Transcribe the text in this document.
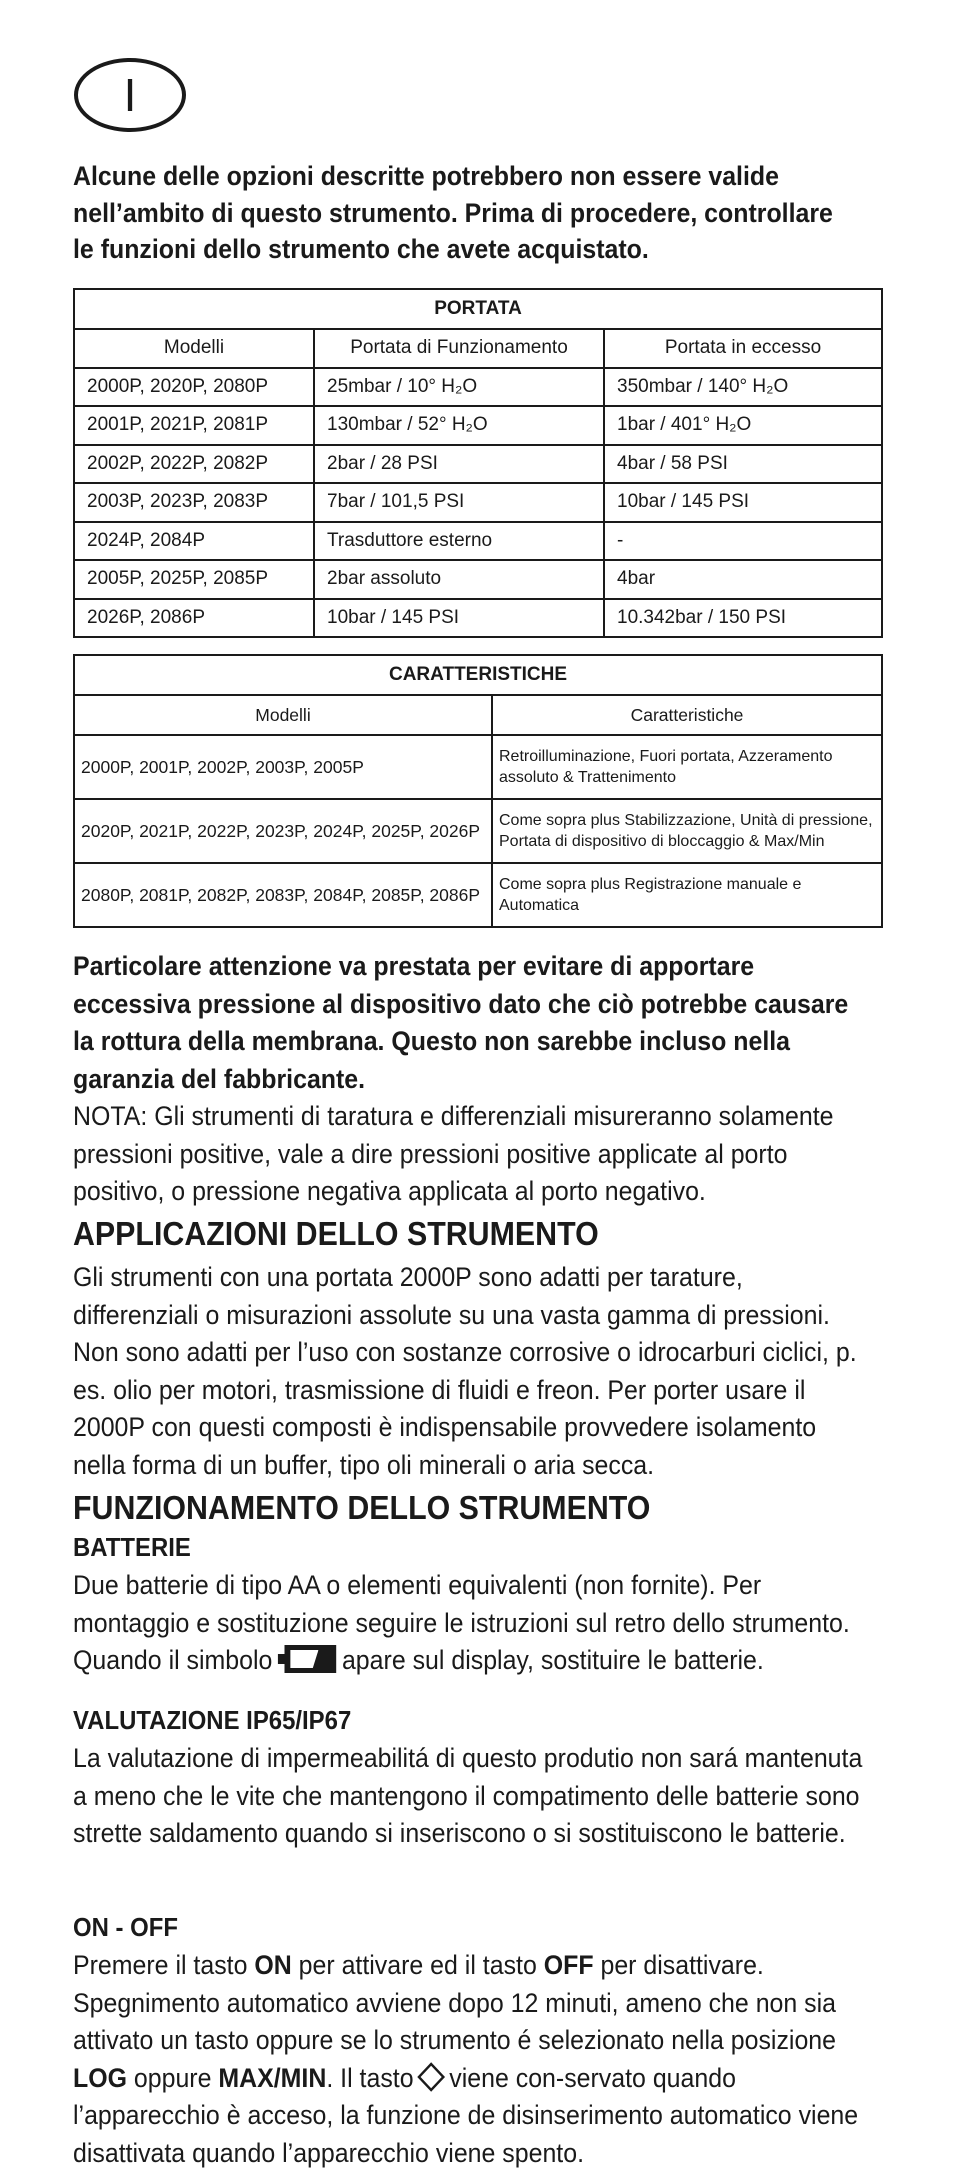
I

Alcune delle opzioni descritte potrebbero non essere valide nell’ambito di questo strumento. Prima di procedere, controllare le funzioni dello strumento che avete acquistato.

PORTATA		
Modelli	Portata di Funzionamento	Portata in eccesso
2000P, 2020P, 2080P	25mbar / 10° H₂O	350mbar / 140° H₂O
2001P, 2021P, 2081P	130mbar / 52° H₂O	1bar / 401° H₂O
2002P, 2022P, 2082P	2bar / 28 PSI	4bar / 58 PSI
2003P, 2023P, 2083P	7bar / 101,5 PSI	10bar / 145 PSI
2024P, 2084P	Trasduttore esterno	-
2005P, 2025P, 2085P	2bar assoluto	4bar
2026P, 2086P	10bar / 145 PSI	10.342bar / 150 PSI
CARATTERISTICHE	
Modelli	Caratteristiche
2000P, 2001P, 2002P, 2003P, 2005P	Retroilluminazione, Fuori portata, Azzeramento assoluto & Trattenimento
2020P, 2021P, 2022P, 2023P, 2024P, 2025P, 2026P	Come sopra plus Stabilizzazione, Unità di pressione, Portata di dispositivo di bloccaggio & Max/Min
2080P, 2081P, 2082P, 2083P, 2084P, 2085P, 2086P	Come sopra plus Registrazione manuale e Automatica

Particolare attenzione va prestata per evitare di apportare eccessiva pressione al dispositivo dato che ciò potrebbe causare la rottura della membrana. Questo non sarebbe incluso nella garanzia del fabbricante.

NOTA: Gli strumenti di taratura e differenziali misureranno solamente pressioni positive, vale a dire pressioni positive applicate al porto positivo, o pressione negativa applicata al porto negativo.

APPLICAZIONI DELLO STRUMENTO

Gli strumenti con una portata 2000P sono adatti per tarature, differenziali o misurazioni assolute su una vasta gamma di pressioni. Non sono adatti per l’uso con sostanze corrosive o idrocarburi ciclici, p. es. olio per motori, trasmissione di fluidi e freon. Per porter usare il 2000P con questi composti è indispensabile provvedere isolamento nella forma di un buffer, tipo oli minerali o aria secca.

FUNZIONAMENTO DELLO STRUMENTO
BATTERIE

Due batterie di tipo AA o elementi equivalenti (non fornite). Per montaggio e sostituzione seguire le istruzioni sul retro dello strumento. Quando il simbolo	apare sul display, sostituire le batterie.

VALUTAZIONE IP65/IP67

La valutazione di impermeabilitá di questo produtio non sará mantenuta a meno che le vite che mantengono il compatimento delle batterie sono strette saldamento quando si inseriscono o si sostituiscono le batterie.

ON - OFF

Premere il tasto ON per attivare ed il tasto OFF per disattivare. Spegnimento automatico avviene dopo 12 minuti, ameno che non sia attivato un tasto oppure se lo strumento é selezionato nella posizione LOG oppure MAX/MIN. Il tasto viene con-servato quando l’apparecchio è acceso, la funzione de disinserimento automatico viene disattivata quando l’apparecchio viene spento.
